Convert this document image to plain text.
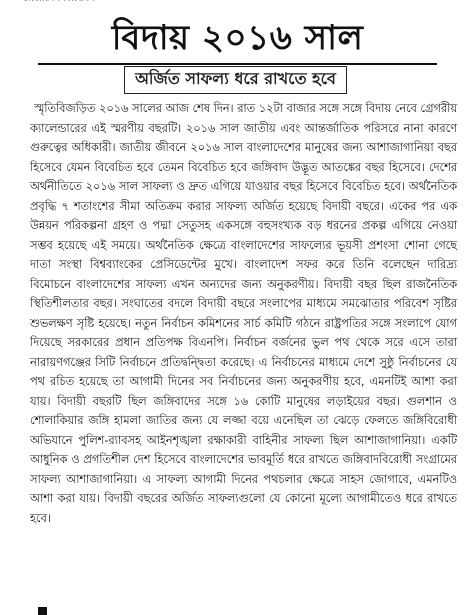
বিদায় ২০১৬ সাল
অর্জিত সাফল্য ধরে রাখতে হবে

স্মৃতিবিজড়িত ২০১৬ সালের আজ শেষ দিন। রাত ১২টা বাজার সঙ্গে সঙ্গে বিদায় নেবে গ্রেগরীয় ক্যালেন্ডারের এই স্মরণীয় বছরটি। ২০১৬ সাল জাতীয় এবং আন্তর্জাতিক পরিসরে নানা কারণে গুরুত্বের অধিকারী। জাতীয় জীবনে ২০১৬ সাল বাংলাদেশের মানুষের জন্য আশাজাগানিয়া বছর হিসেবে যেমন বিবেচিত হবে তেমন বিবেচিত হবে জঙ্গিবাদ উদ্ভূত আতঙ্কের বছর হিসেবে। দেশের অর্থনীতিতে ২০১৬ সাল সাফল্য ও দ্রুত এগিয়ে যাওয়ার বছর হিসেবে বিবেচিত হবে। অর্থনৈতিক প্রবৃদ্ধি ৭ শতাংশের সীমা অতিক্রম করার সাফল্য অর্জিত হয়েছে বিদায়ী বছরে। একের পর এক উন্নয়ন পরিকল্পনা গ্রহণ ও পদ্মা সেতুসহ একসঙ্গে বহুসংখ্যক বড় ধরনের প্রকল্প এগিয়ে নেওয়া সম্ভব হয়েছে এই সময়ে। অর্থনৈতিক ক্ষেত্রে বাংলাদেশের সাফল্যের ভূয়সী প্রশংসা শোনা গেছে দাতা সংস্থা বিশ্বব্যাংকের প্রেসিডেন্টের মুখে। বাংলাদেশ সফর করে তিনি বলেছেন দারিদ্র্য বিমোচনে বাংলাদেশের সাফল্য এখন অন্যদের জন্য অনুকরণীয়। বিদায়ী বছর ছিল রাজনৈতিক স্থিতিশীলতার বছর। সংঘাতের বদলে বিদায়ী বছরে সংলাপের মাধ্যমে সমঝোতার পরিবেশ সৃষ্টির শুভলক্ষণ সৃষ্টি হয়েছে। নতুন নির্বাচন কমিশনের সার্চ কমিটি গঠনে রাষ্ট্রপতির সঙ্গে সংলাপে যোগ দিয়েছে সরকারের প্রধান প্রতিপক্ষ বিএনপি। নির্বাচন বর্জনের ভুল পথ থেকে সরে এসে তারা নারায়ণগঞ্জের সিটি নির্বাচনে প্রতিদ্বন্দ্বিতা করেছে। এ নির্বাচনের মাধ্যমে দেশে সুষ্ঠু নির্বাচনের যে পথ রচিত হয়েছে তা আগামী দিনের সব নির্বাচনের জন্য অনুকরণীয় হবে, এমনটিই আশা করা যায়। বিদায়ী বছরটি ছিল জঙ্গিবাদের সঙ্গে ১৬ কোটি মানুষের লড়াইয়ের বছর। গুলশান ও শোলাকিয়ার জঙ্গি হামলা জাতির জন্য যে লজ্জা বয়ে এনেছিল তা ঝেড়ে ফেলতে জঙ্গিবিরোধী অভিযানে পুলিশ-র‍্যাবসহ আইনশৃঙ্খলা রক্ষাকারী বাহিনীর সাফল্য ছিল আশাজাগানিয়া। একটি আধুনিক ও প্রগতিশীল দেশ হিসেবে বাংলাদেশের ভাবমূর্তি ধরে রাখতে জঙ্গিবাদবিরোধী সংগ্রামের সাফল্য আশাজাগানিয়া। এ সাফল্য আগামী দিনের পথচলার ক্ষেত্রে সাহস জোগাবে, এমনটিও আশা করা যায়। বিদায়ী বছরের অর্জিত সাফল্যগুলো যে কোনো মূল্যে আগামীতেও ধরে রাখতে হবে।
